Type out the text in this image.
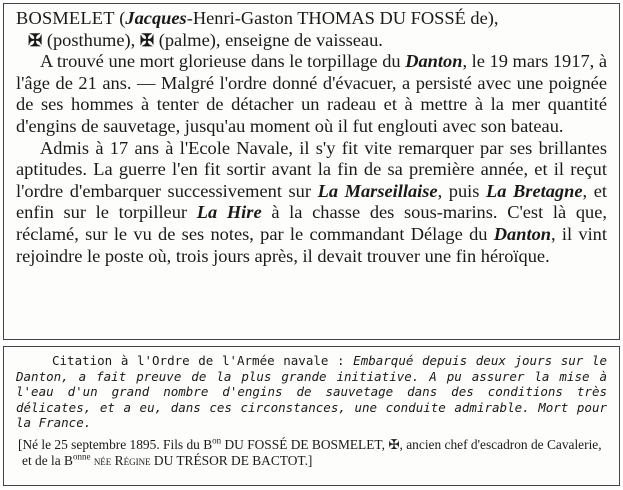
BOSMELET (Jacques-Henri-Gaston THOMAS DU FOSSÉ de),

✠ (posthume), ✠ (palme), enseigne de vaisseau.

A trouvé une mort glorieuse dans le torpillage du Danton, le 19 mars 1917, à l'âge de 21 ans. — Malgré l'ordre donné d'évacuer, a persisté avec une poignée de ses hommes à tenter de détacher un radeau et à mettre à la mer quantité d'engins de sauvetage, jusqu'au moment où il fut englouti avec son bateau.

Admis à 17 ans à l'Ecole Navale, il s'y fit vite remarquer par ses brillantes aptitudes. La guerre l'en fit sortir avant la fin de sa première année, et il reçut l'ordre d'embarquer successivement sur La Marseillaise, puis La Bretagne, et enfin sur le torpilleur La Hire à la chasse des sous-marins. C'est là que, réclamé, sur le vu de ses notes, par le commandant Délage du Danton, il vint rejoindre le poste où, trois jours après, il devait trouver une fin héroïque.

Citation à l'Ordre de l'Armée navale : Embarqué depuis deux jours sur le Danton, a fait preuve de la plus grande initiative. A pu assurer la mise à l'eau d'un grand nombre d'engins de sauvetage dans des conditions très délicates, et a eu, dans ces circonstances, une conduite admirable. Mort pour la France.

[Né le 25 septembre 1895. Fils du $B^{on}$ DU FOSSÉ DE BOSMELET, ✠, ancien chef d'escadron de Cavalerie, et de la $B^{onne}$ née Régine DU TRÉSOR DE BACTOT.]
